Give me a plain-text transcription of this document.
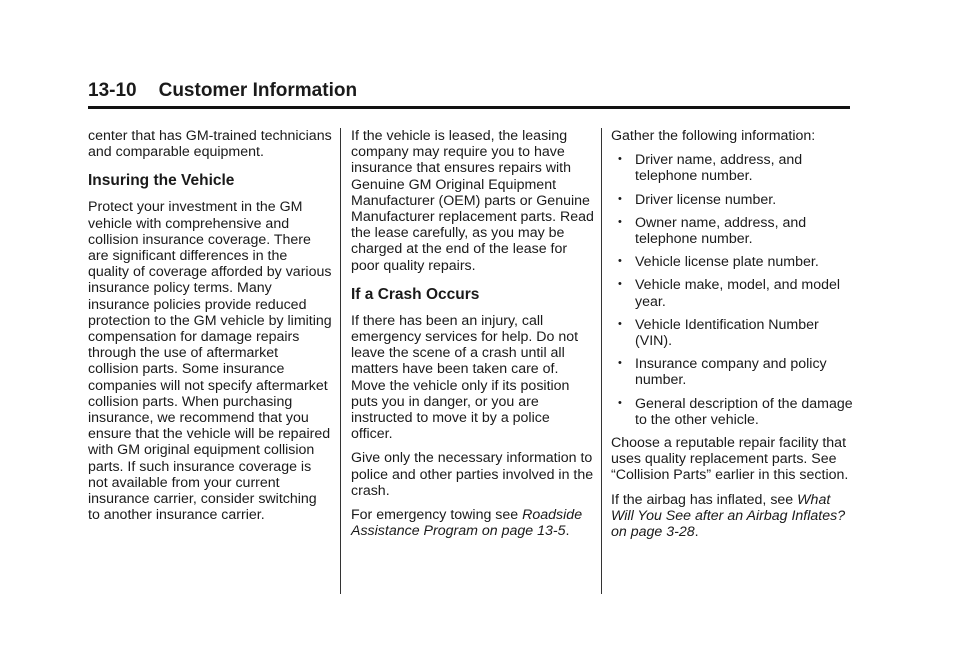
13-10 Customer Information

center that has GM-trained technicians and comparable equipment.

Insuring the Vehicle

Protect your investment in the GM vehicle with comprehensive and collision insurance coverage. There are significant differences in the quality of coverage afforded by various insurance policy terms. Many insurance policies provide reduced protection to the GM vehicle by limiting compensation for damage repairs through the use of aftermarket collision parts. Some insurance companies will not specify aftermarket collision parts. When purchasing insurance, we recommend that you ensure that the vehicle will be repaired with GM original equipment collision parts. If such insurance coverage is not available from your current insurance carrier, consider switching to another insurance carrier.

If the vehicle is leased, the leasing company may require you to have insurance that ensures repairs with Genuine GM Original Equipment Manufacturer (OEM) parts or Genuine Manufacturer replacement parts. Read the lease carefully, as you may be charged at the end of the lease for poor quality repairs.

If a Crash Occurs

If there has been an injury, call emergency services for help. Do not leave the scene of a crash until all matters have been taken care of. Move the vehicle only if its position puts you in danger, or you are instructed to move it by a police officer.

Give only the necessary information to police and other parties involved in the crash.

For emergency towing see Roadside Assistance Program on page 13-5.

Gather the following information:

• Driver name, address, and telephone number.
• Driver license number.
• Owner name, address, and telephone number.
• Vehicle license plate number.
• Vehicle make, model, and model year.
• Vehicle Identification Number (VIN).
• Insurance company and policy number.
• General description of the damage to the other vehicle.

Choose a reputable repair facility that uses quality replacement parts. See “Collision Parts” earlier in this section.

If the airbag has inflated, see What Will You See after an Airbag Inflates? on page 3-28.
